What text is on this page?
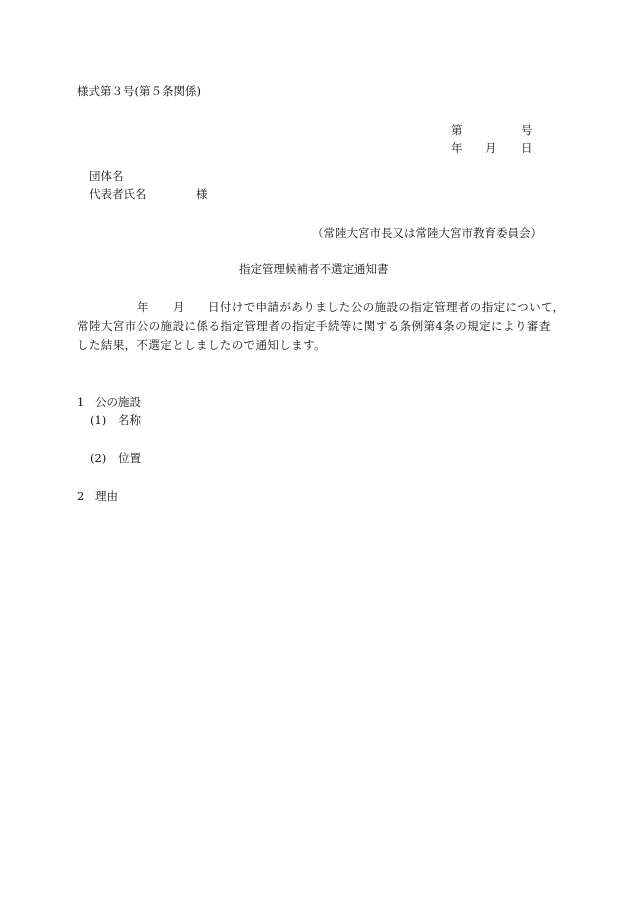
様式第３号(第５条関係)
第	号
年 月 日
団体名
代表者氏名	様
（常陸大宮市長又は常陸大宮市教育委員会）
指定管理候補者不選定通知書
年 月 日付けで申請がありました公の施設の指定管理者の指定について，
常陸大宮市公の施設に係る指定管理者の指定手続等に関する条例第4条の規定により審査
した結果，不選定としましたので通知します。
1 公の施設
(1) 名称
(2) 位置
2 理由
